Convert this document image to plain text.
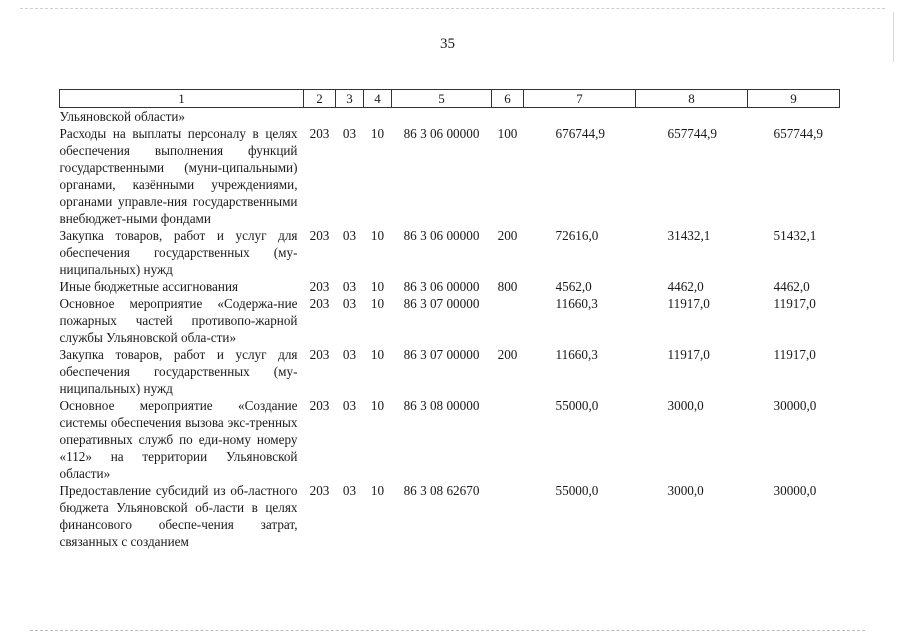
35
1	2	3	4	5	6	7	8	9
Ульяновской области»								
Расходы на выплаты персоналу в целях обеспечения выполнения функций государственными (муни-ципальными) органами, казёнными учреждениями, органами управле-ния государственными внебюджет-ными фондами	203	03	10	86 3 06 00000	100	676744,9	657744,9	657744,9
Закупка товаров, работ и услуг для обеспечения государственных (му-ниципальных) нужд	203	03	10	86 3 06 00000	200	72616,0	31432,1	51432,1
Иные бюджетные ассигнования	203	03	10	86 3 06 00000	800	4562,0	4462,0	4462,0
Основное мероприятие «Содержа-ние пожарных частей противопо-жарной службы Ульяновской обла-сти»	203	03	10	86 3 07 00000		11660,3	11917,0	11917,0
Закупка товаров, работ и услуг для обеспечения государственных (му-ниципальных) нужд	203	03	10	86 3 07 00000	200	11660,3	11917,0	11917,0
Основное мероприятие «Создание системы обеспечения вызова экс-тренных оперативных служб по еди-ному номеру «112» на территории Ульяновской области»	203	03	10	86 3 08 00000		55000,0	3000,0	30000,0
Предоставление субсидий из об-ластного бюджета Ульяновской об-ласти в целях финансового обеспе-чения затрат, связанных с созданием	203	03	10	86 3 08 62670		55000,0	3000,0	30000,0
